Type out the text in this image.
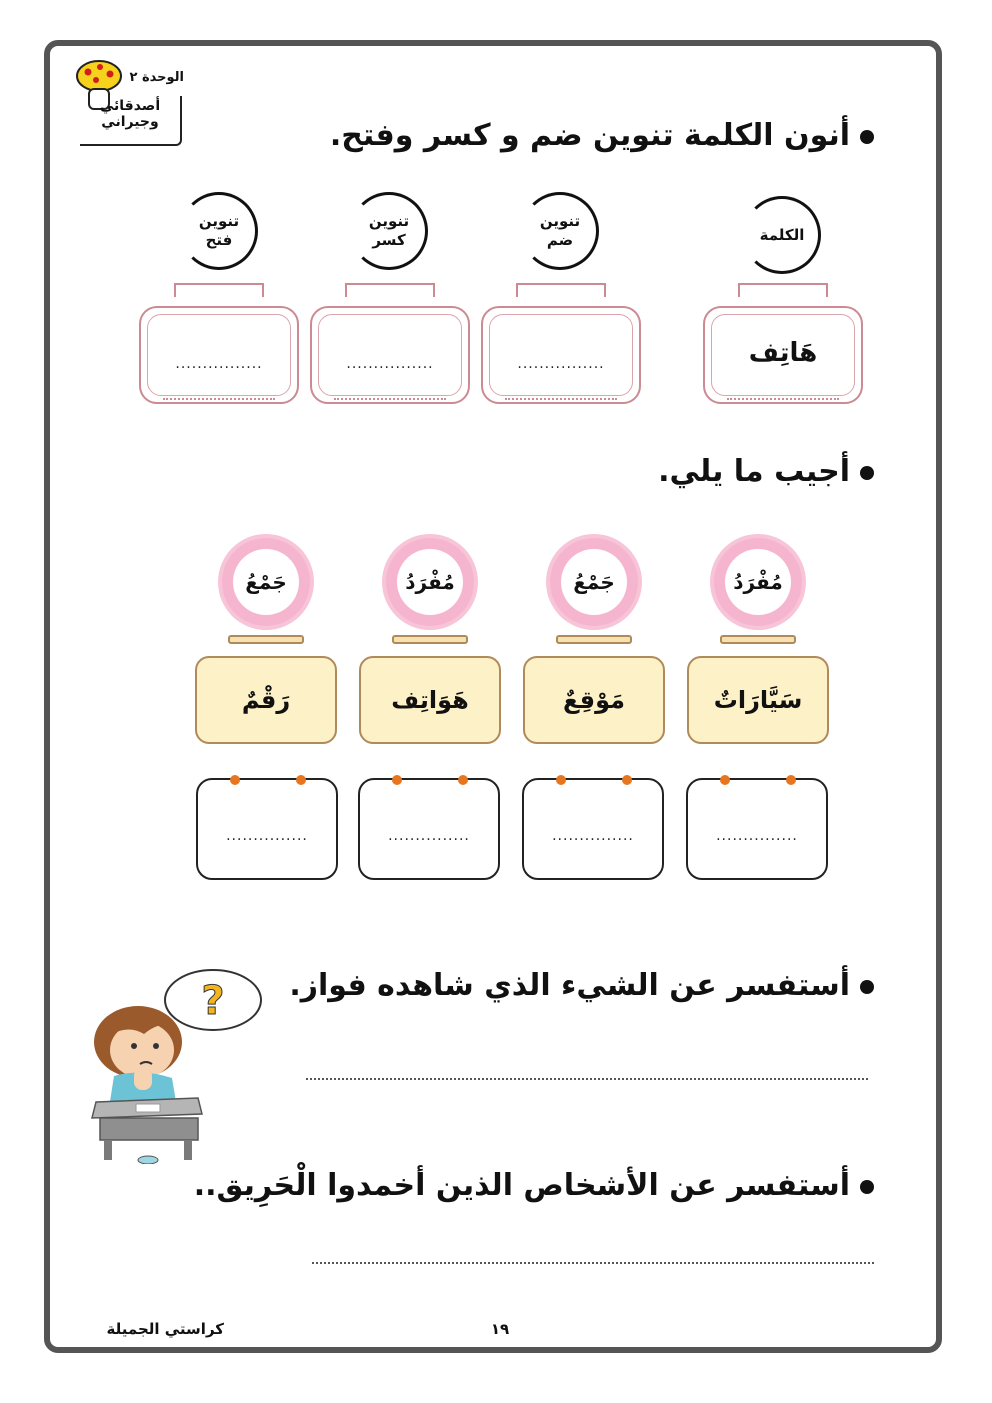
الوحدة ٢
أصدقائي
وجيراني	أنون الكلمة تنوين ضم و كسر وفتح.
الكلمة
تنوين
ضم
تنوين
كسر
تنوين
فتح
هَاتِف
................
................
................
أجيب ما يلي.
مُفْرَدُ
جَمْعُ
مُفْرَدُ
جَمْعُ
سَيَّارَاتٌ
مَوْقِعٌ
هَوَاتِف
رَقْمٌ
...............
...............
...............
...............
أستفسر عن الشيء الذي شاهده فواز.
أستفسر عن الأشخاص الذين أخمدوا الْحَرِيق..
?
كراستي الجميلة	١٩
